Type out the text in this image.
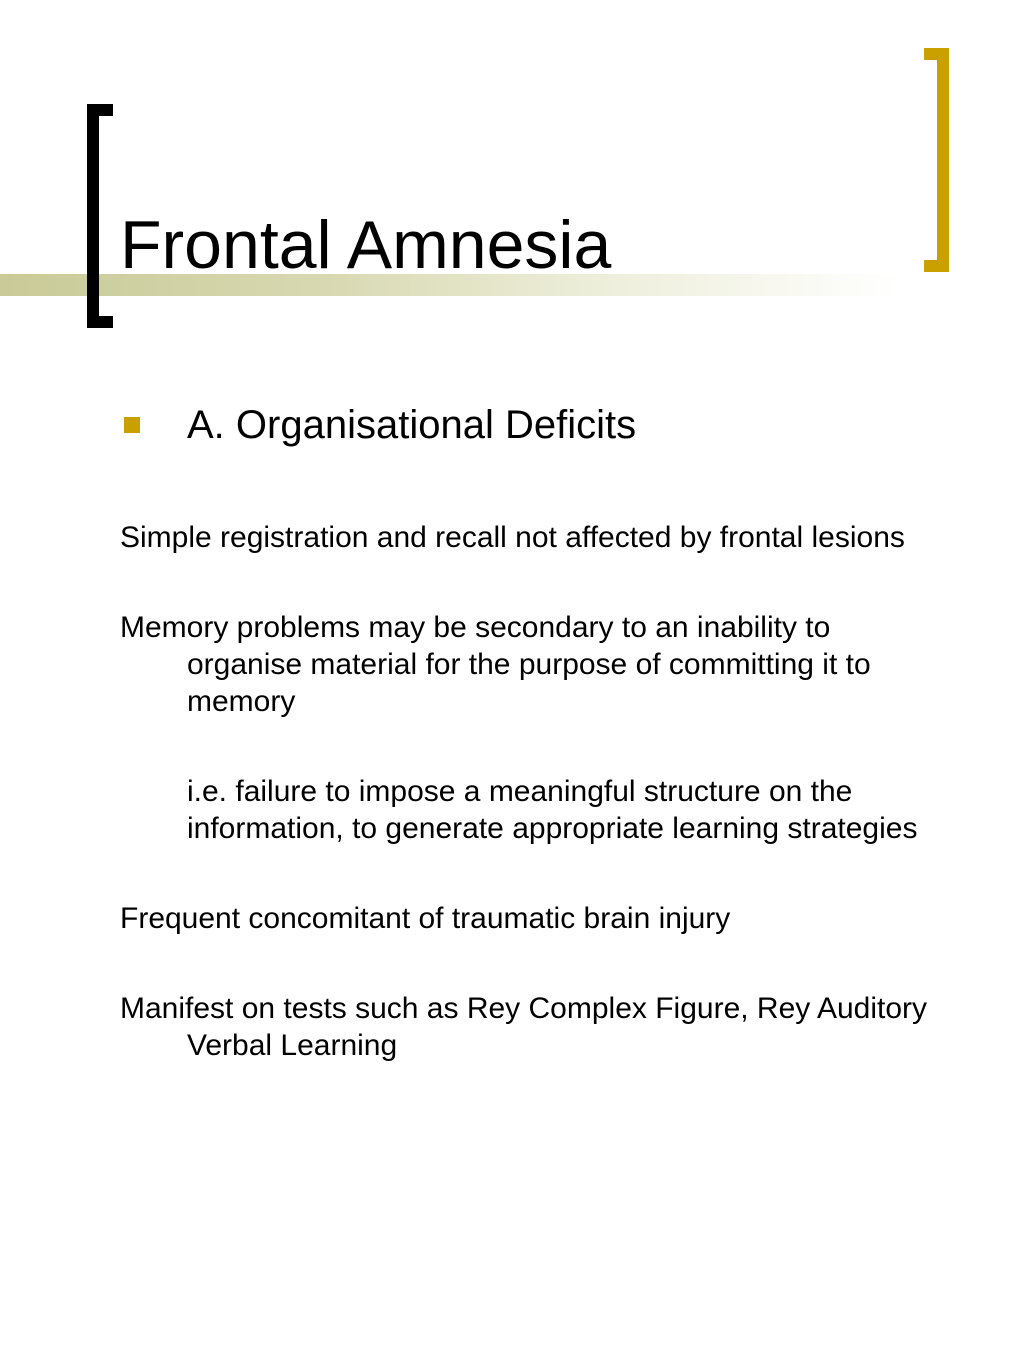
Frontal Amnesia
A. Organisational Deficits

Simple registration and recall not affected by frontal lesions

Memory problems may be secondary to an inability to organise material for the purpose of committing it to memory

i.e. failure to impose a meaningful structure on the information, to generate appropriate learning strategies

Frequent concomitant of traumatic brain injury

Manifest on tests such as Rey Complex Figure, Rey Auditory Verbal Learning
